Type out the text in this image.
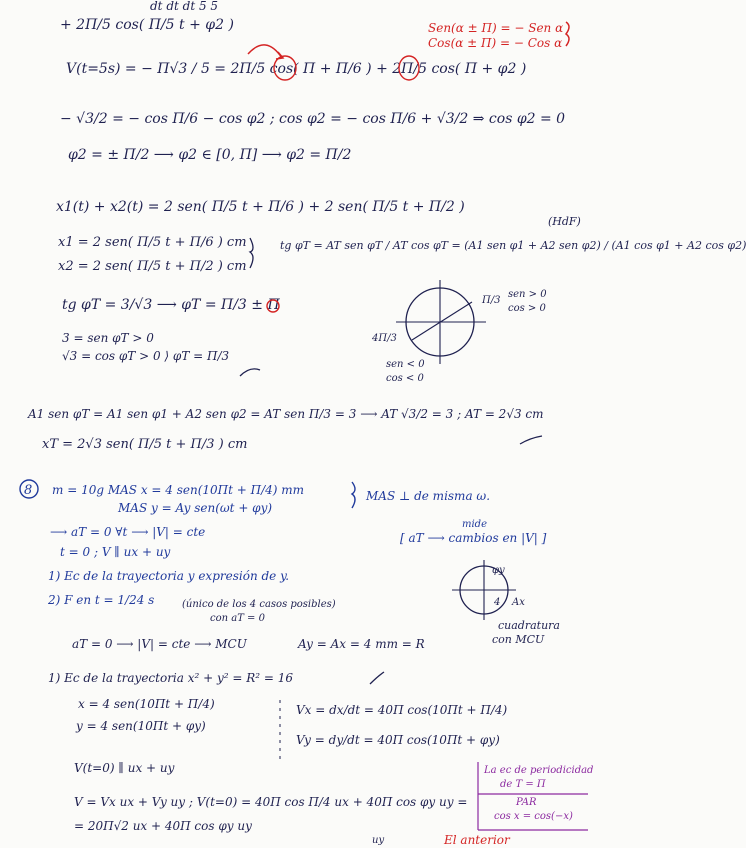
dt dt dt 5 5
+ 2Π/5 cos( Π/5 t + φ2 )	Sen(α ± Π) = − Sen α
Cos(α ± Π) = − Cos α
V(t=5s) = − Π√3 / 5 = 2Π/5 cos( Π + Π/6 ) + 2Π/5 cos( Π + φ2 )
− √3/2 = − cos Π/6 − cos φ2 ; cos φ2 = − cos Π/6 + √3/2 ⇒ cos φ2 = 0
φ2 = ± Π/2 ⟶ φ2 ∈ [0, Π] ⟶ φ2 = Π/2
x1(t) + x2(t) = 2 sen( Π/5 t + Π/6 ) + 2 sen( Π/5 t + Π/2 )
(HdF)
x1 = 2 sen( Π/5 t + Π/6 ) cm
x2 = 2 sen( Π/5 t + Π/2 ) cm
tg φT = AT sen φT / AT cos φT = (A1 sen φ1 + A2 sen φ2) / (A1 cos φ1 + A2 cos φ2)
tg φT = 3/√3 ⟶ φT = Π/3 ± Π
3 = sen φT > 0
√3 = cos φT > 0 ⟩ φT = Π/3
Π/3
sen > 0
cos > 0
4Π/3
sen < 0
cos < 0
A1 sen φT = A1 sen φ1 + A2 sen φ2 = AT sen Π/3 = 3 ⟶ AT √3/2 = 3 ; AT = 2√3 cm
xT = 2√3 sen( Π/5 t + Π/3 ) cm
8 m = 10g MAS x = 4 sen(10Πt + Π/4) mm
MAS y = Ay sen(ωt + φy)
MAS ⊥ de misma ω.
⟶ aT = 0 ∀t ⟶ |V| = cte
mide
[ aT ⟶ cambios en |V| ]
t = 0 ; V ∥ ux + uy
1) Ec de la trayectoria y expresión de y.
2) F en t = 1/24 s	(único de los 4 casos posibles)
con aT = 0
φy
4 Ax
cuadratura
con MCU
aT = 0 ⟶ |V| = cte ⟶ MCU	Ay = Ax = 4 mm = R
1) Ec de la trayectoria x² + y² = R² = 16
x = 4 sen(10Πt + Π/4)
y = 4 sen(10Πt + φy)
Vx = dx/dt = 40Π cos(10Πt + Π/4)
Vy = dy/dt = 40Π cos(10Πt + φy)
V(t=0) ∥ ux + uy
V = Vx ux + Vy uy ; V(t=0) = 40Π cos Π/4 ux + 40Π cos φy uy =
= 20Π√2 ux + 40Π cos φy uy
La ec de periodicidad
de T = Π
PAR
cos x = cos(−x)
El anterior
uy
